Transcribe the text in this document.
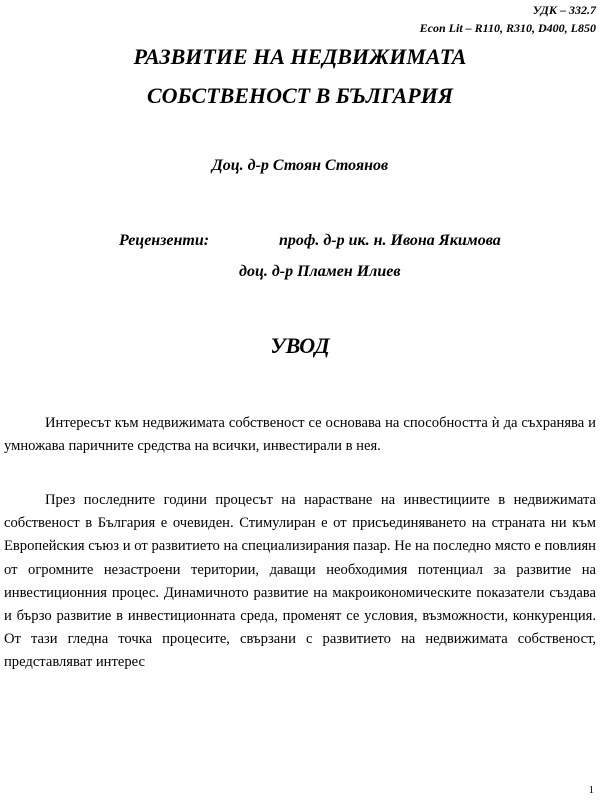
УДК – 332.7
Econ Lit – R110, R310, D400, L850
РАЗВИТИЕ НА НЕДВИЖИМАТА
СОБСТВЕНОСТ В БЪЛГАРИЯ
Доц. д-р Стоян Стоянов
Рецензенти:	проф. д-р ик. н. Ивона Якимова
доц. д-р Пламен Илиев
УВОД

Интересът към недвижимата собственост се основава на способността ѝ да съхранява и умножава паричните средства на всички, инвестирали в нея.

През последните години процесът на нарастване на инвестициите в недвижимата собственост в България е очевиден. Стимулиран е от присъединяването на страната ни към Европейския съюз и от развитието на специализирания пазар. Не на последно място е повлиян от огромните незастроени територии, даващи необходимия потенциал за развитие на инвестиционния процес. Динамичното развитие на макроикономическите показатели създава и бързо развитие в инвестиционната среда, променят се условия, възможности, конкуренция. От тази гледна точка процесите, свързани с развитието на недвижимата собственост, представляват интерес

1
